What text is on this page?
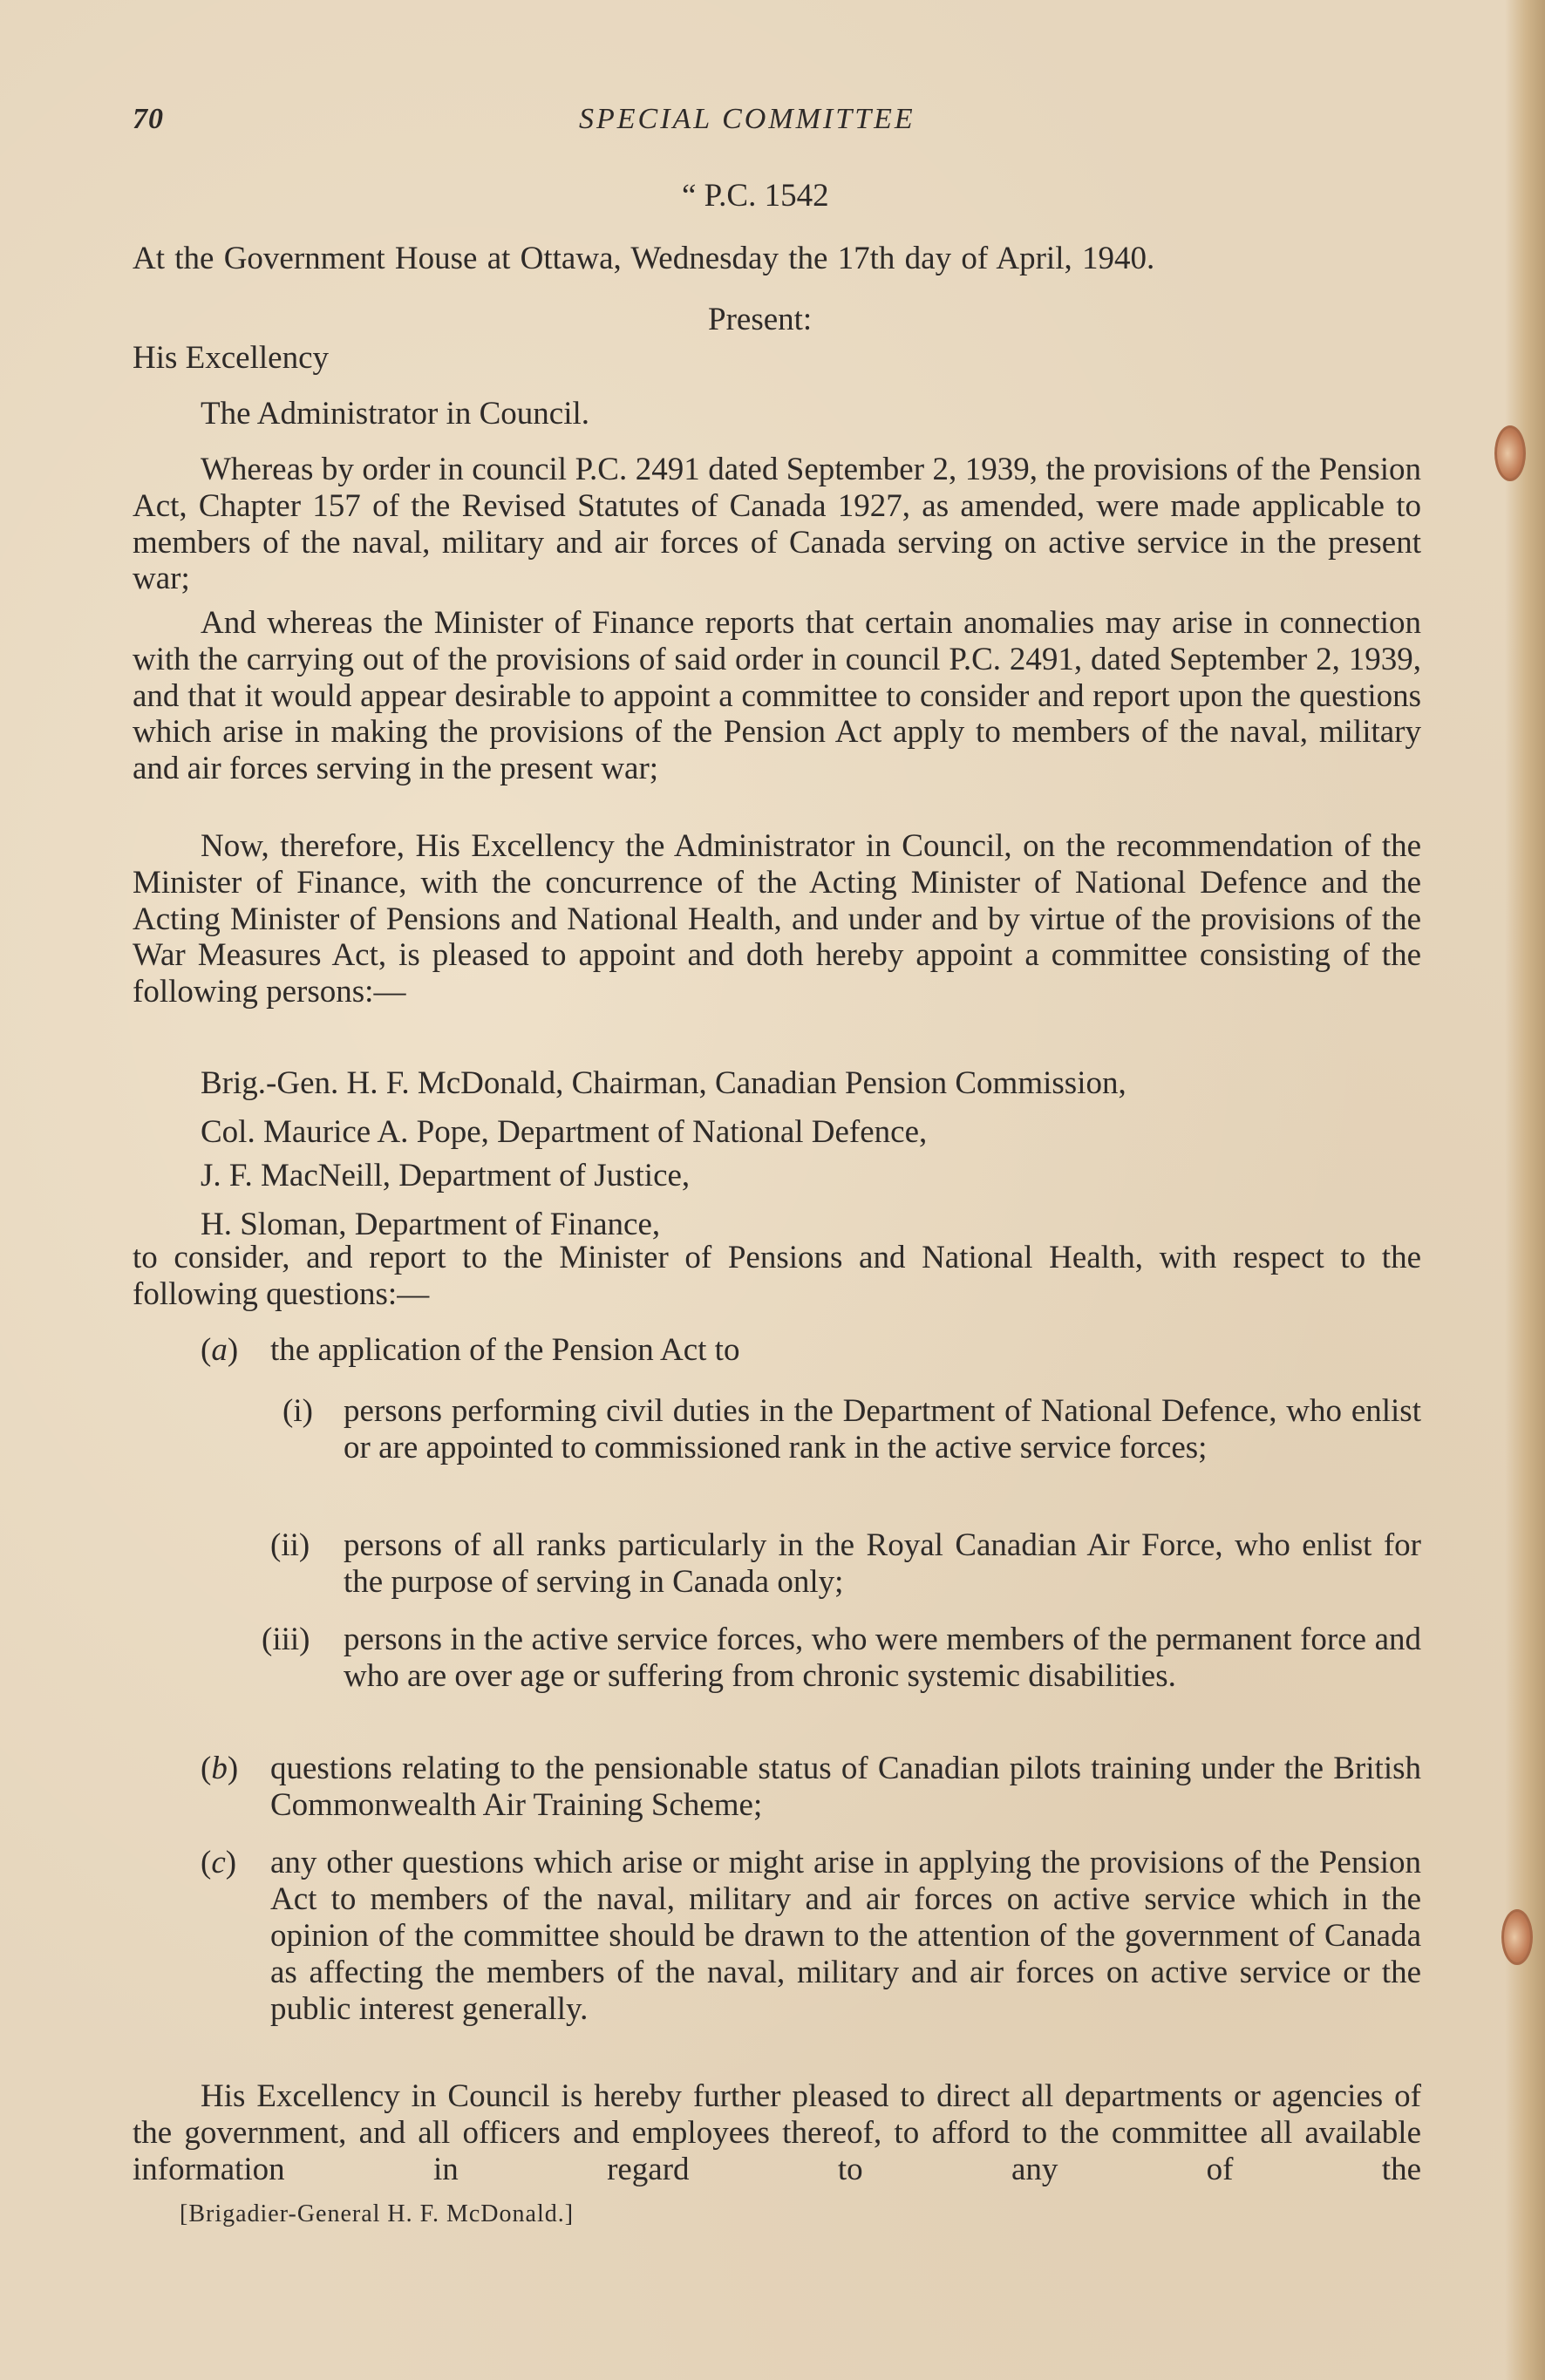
70	SPECIAL COMMITTEE
“ P.C. 1542
At the Government House at Ottawa, Wednesday the 17th day of April, 1940.
Present:
His Excellency
The Administrator in Council.
Whereas by order in council P.C. 2491 dated September 2, 1939, the provisions of the Pension Act, Chapter 157 of the Revised Statutes of Canada 1927, as amended, were made applicable to members of the naval, military and air forces of Canada serving on active service in the present war;
And whereas the Minister of Finance reports that certain anomalies may arise in connection with the carrying out of the provisions of said order in council P.C. 2491, dated September 2, 1939, and that it would appear desirable to appoint a committee to consider and report upon the questions which arise in making the provisions of the Pension Act apply to members of the naval, military and air forces serving in the present war;
Now, therefore, His Excellency the Administrator in Council, on the recommendation of the Minister of Finance, with the concurrence of the Acting Minister of National Defence and the Acting Minister of Pensions and National Health, and under and by virtue of the provisions of the War Measures Act, is pleased to appoint and doth hereby appoint a committee consisting of the following persons:—
Brig.-Gen. H. F. McDonald, Chairman, Canadian Pension Commission,
Col. Maurice A. Pope, Department of National Defence,
J. F. MacNeill, Department of Justice,
H. Sloman, Department of Finance,
to consider, and report to the Minister of Pensions and National Health, with respect to the following questions:—
(a) the application of the Pension Act to
(i) persons performing civil duties in the Department of National Defence, who enlist or are appointed to commissioned rank in the active service forces;
(ii) persons of all ranks particularly in the Royal Canadian Air Force, who enlist for the purpose of serving in Canada only;
(iii) persons in the active service forces, who were members of the permanent force and who are over age or suffering from chronic systemic disabilities.
(b) questions relating to the pensionable status of Canadian pilots training under the British Commonwealth Air Training Scheme;
(c) any other questions which arise or might arise in applying the provisions of the Pension Act to members of the naval, military and air forces on active service which in the opinion of the committee should be drawn to the attention of the government of Canada as affecting the members of the naval, military and air forces on active service or the public interest generally.
His Excellency in Council is hereby further pleased to direct all departments or agencies of the government, and all officers and employees thereof, to afford to the committee all available information in regard to any of the
[Brigadier-General H. F. McDonald.]
